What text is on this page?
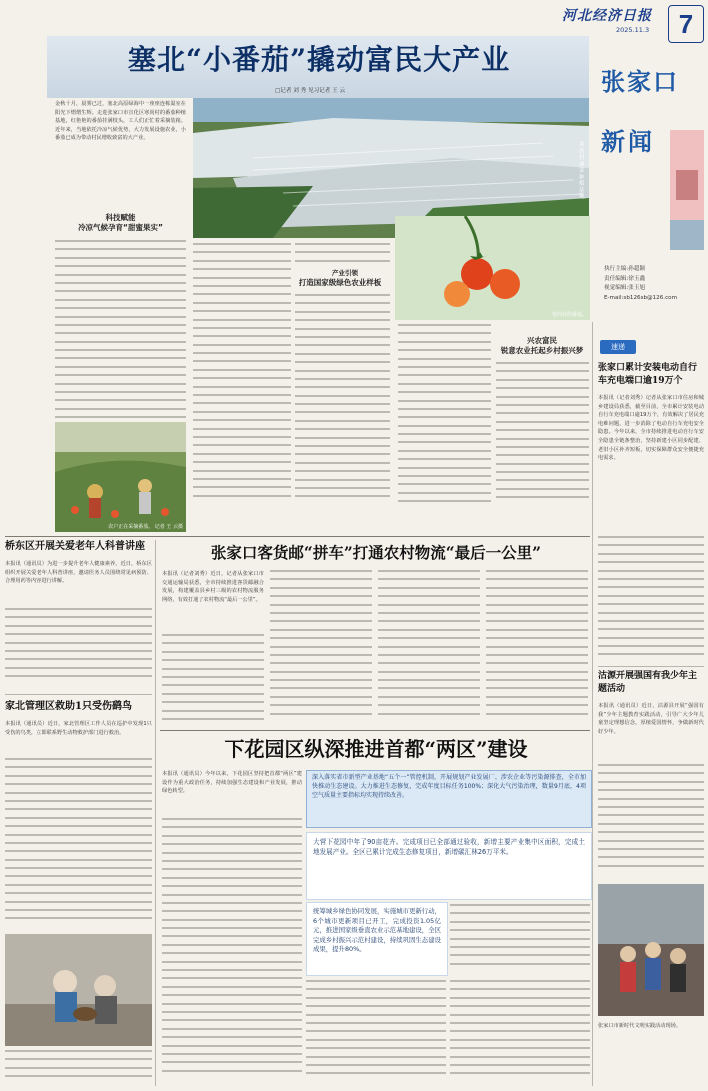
河北经济日报
2025.11.3	7
张家口
新闻
执行主编:孙超颖
责任编辑:徐玉鑫
视觉编辑:张玉旭
E-mail:sb126sb@126.com
塞北“小番茄”撬动富民大产业
□记者 刘 秀 见习记者 王 云
寒尚村蔬菜种植基地。
金秋十月，晨雾已过，塞北高原绿海中一座座连栋温室在阳光下熠熠生辉。走进张家口市宣化区寒尚村的番茄种植基地，红艳艳的番茄挂满枝头，工人们正忙着采摘装箱。近年来，当地依托冷凉气候优势，大力发展设施农业，小番茄已成为带动村民增收致富的大产业。
科技赋能
冷凉气候孕育“甜蜜果实”
产业引领
打造国家级绿色农业样板
寒尚村的番茄。
兴农富民
锐意农业托起乡村振兴梦
农户正在采摘番茄。 记者 王 云摄
速递
张家口累计安装电动自行车充电端口逾19万个
本报讯（记者刘秀）记者从张家口市住房和城乡建设局获悉，截至目前，全市累计安装电动自行车充电端口逾19万个，有效解决了居民充电难问题，进一步消除了电动自行车充电安全隐患。今年以来，全市持续推进电动自行车安全隐患全链条整治，坚持新建小区同步配建、老旧小区补齐短板，切实保障群众安全便捷充电需求。
沽源开展强国有我少年主题活动
本报讯（通讯员）近日，沽源县开展“强国有我”少年主题教育实践活动，引导广大少年儿童坚定理想信念，厚植爱国情怀，争做新时代好少年。
张家口市新时代文明实践活动现场。
桥东区开展关爱老年人科普讲座
本报讯（通讯员）为进一步提升老年人健康素养，近日，桥东区组织开展关爱老年人科普讲座，邀请医务人员围绕常见病预防、合理用药等内容进行讲解。
家北管理区救助1只受伤鹞鸟
本报讯（通讯员）近日，家北管理区工作人员在巡护中发现1只受伤的鸟类，立即联系野生动物救护部门进行救治。
张家口客货邮“拼车”打通农村物流“最后一公里”
本报讯（记者刘秀）近日，记者从张家口市交通运输局获悉，全市持续推进客货邮融合发展，构建覆盖县乡村三级的农村物流服务网络，有效打通了农村物流“最后一公里”。
下花园区纵深推进首都“两区”建设
本报讯（通讯员）今年以来，下花园区坚持把首都“两区”建设作为重大政治任务，持续加强生态建设和产业发展，推动绿色转型。
深入落实省市新型产业基地“五个一”管控机制，开展规划产业发展厂、涉农企业等污染源排查，全市加快推动生态建设。大力推进生态修复，完成年度目标任务100%；深化大气污染治理，数量9月底，4项空气质量主要指标均实现持续改善。
大营下花园中年了90亩花卉。完成项目已全部通过验收，新增主要产业集中区面积，完成土地发展产业。全区已累计完成生态修复项目，新增碳汇林26万平米。
统筹城乡绿色协同发展，实施城市更新行动，6个城市更新项目已开工，完成投资1.05亿元，推进国家级垂直农业示范基地建设，全区完成乡村振兴示范村建设，持续巩固生态建设成果，提升80%。
